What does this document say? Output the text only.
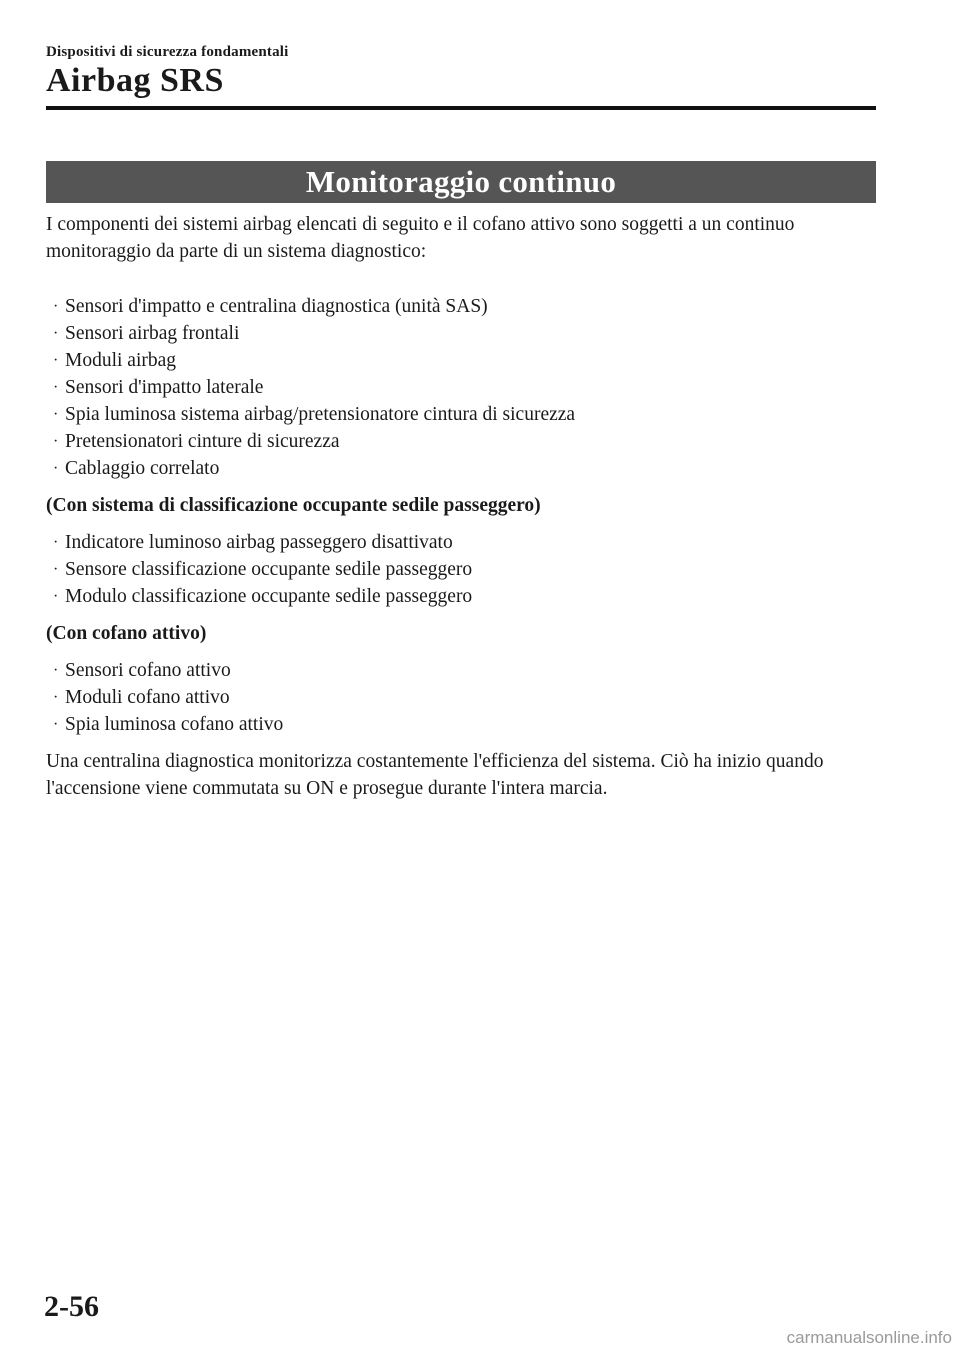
Dispositivi di sicurezza fondamentali
Airbag SRS
Monitoraggio continuo

I componenti dei sistemi airbag elencati di seguito e il cofano attivo sono soggetti a un continuo monitoraggio da parte di un sistema diagnostico:

· Sensori d'impatto e centralina diagnostica (unità SAS)
· Sensori airbag frontali
· Moduli airbag
· Sensori d'impatto laterale
· Spia luminosa sistema airbag/pretensionatore cintura di sicurezza
· Pretensionatori cinture di sicurezza
· Cablaggio correlato

(Con sistema di classificazione occupante sedile passeggero)

· Indicatore luminoso airbag passeggero disattivato
· Sensore classificazione occupante sedile passeggero
· Modulo classificazione occupante sedile passeggero

(Con cofano attivo)

· Sensori cofano attivo
· Moduli cofano attivo
· Spia luminosa cofano attivo

Una centralina diagnostica monitorizza costantemente l'efficienza del sistema. Ciò ha inizio quando l'accensione viene commutata su ON e prosegue durante l'intera marcia.

2-56
carmanualsonline.info
